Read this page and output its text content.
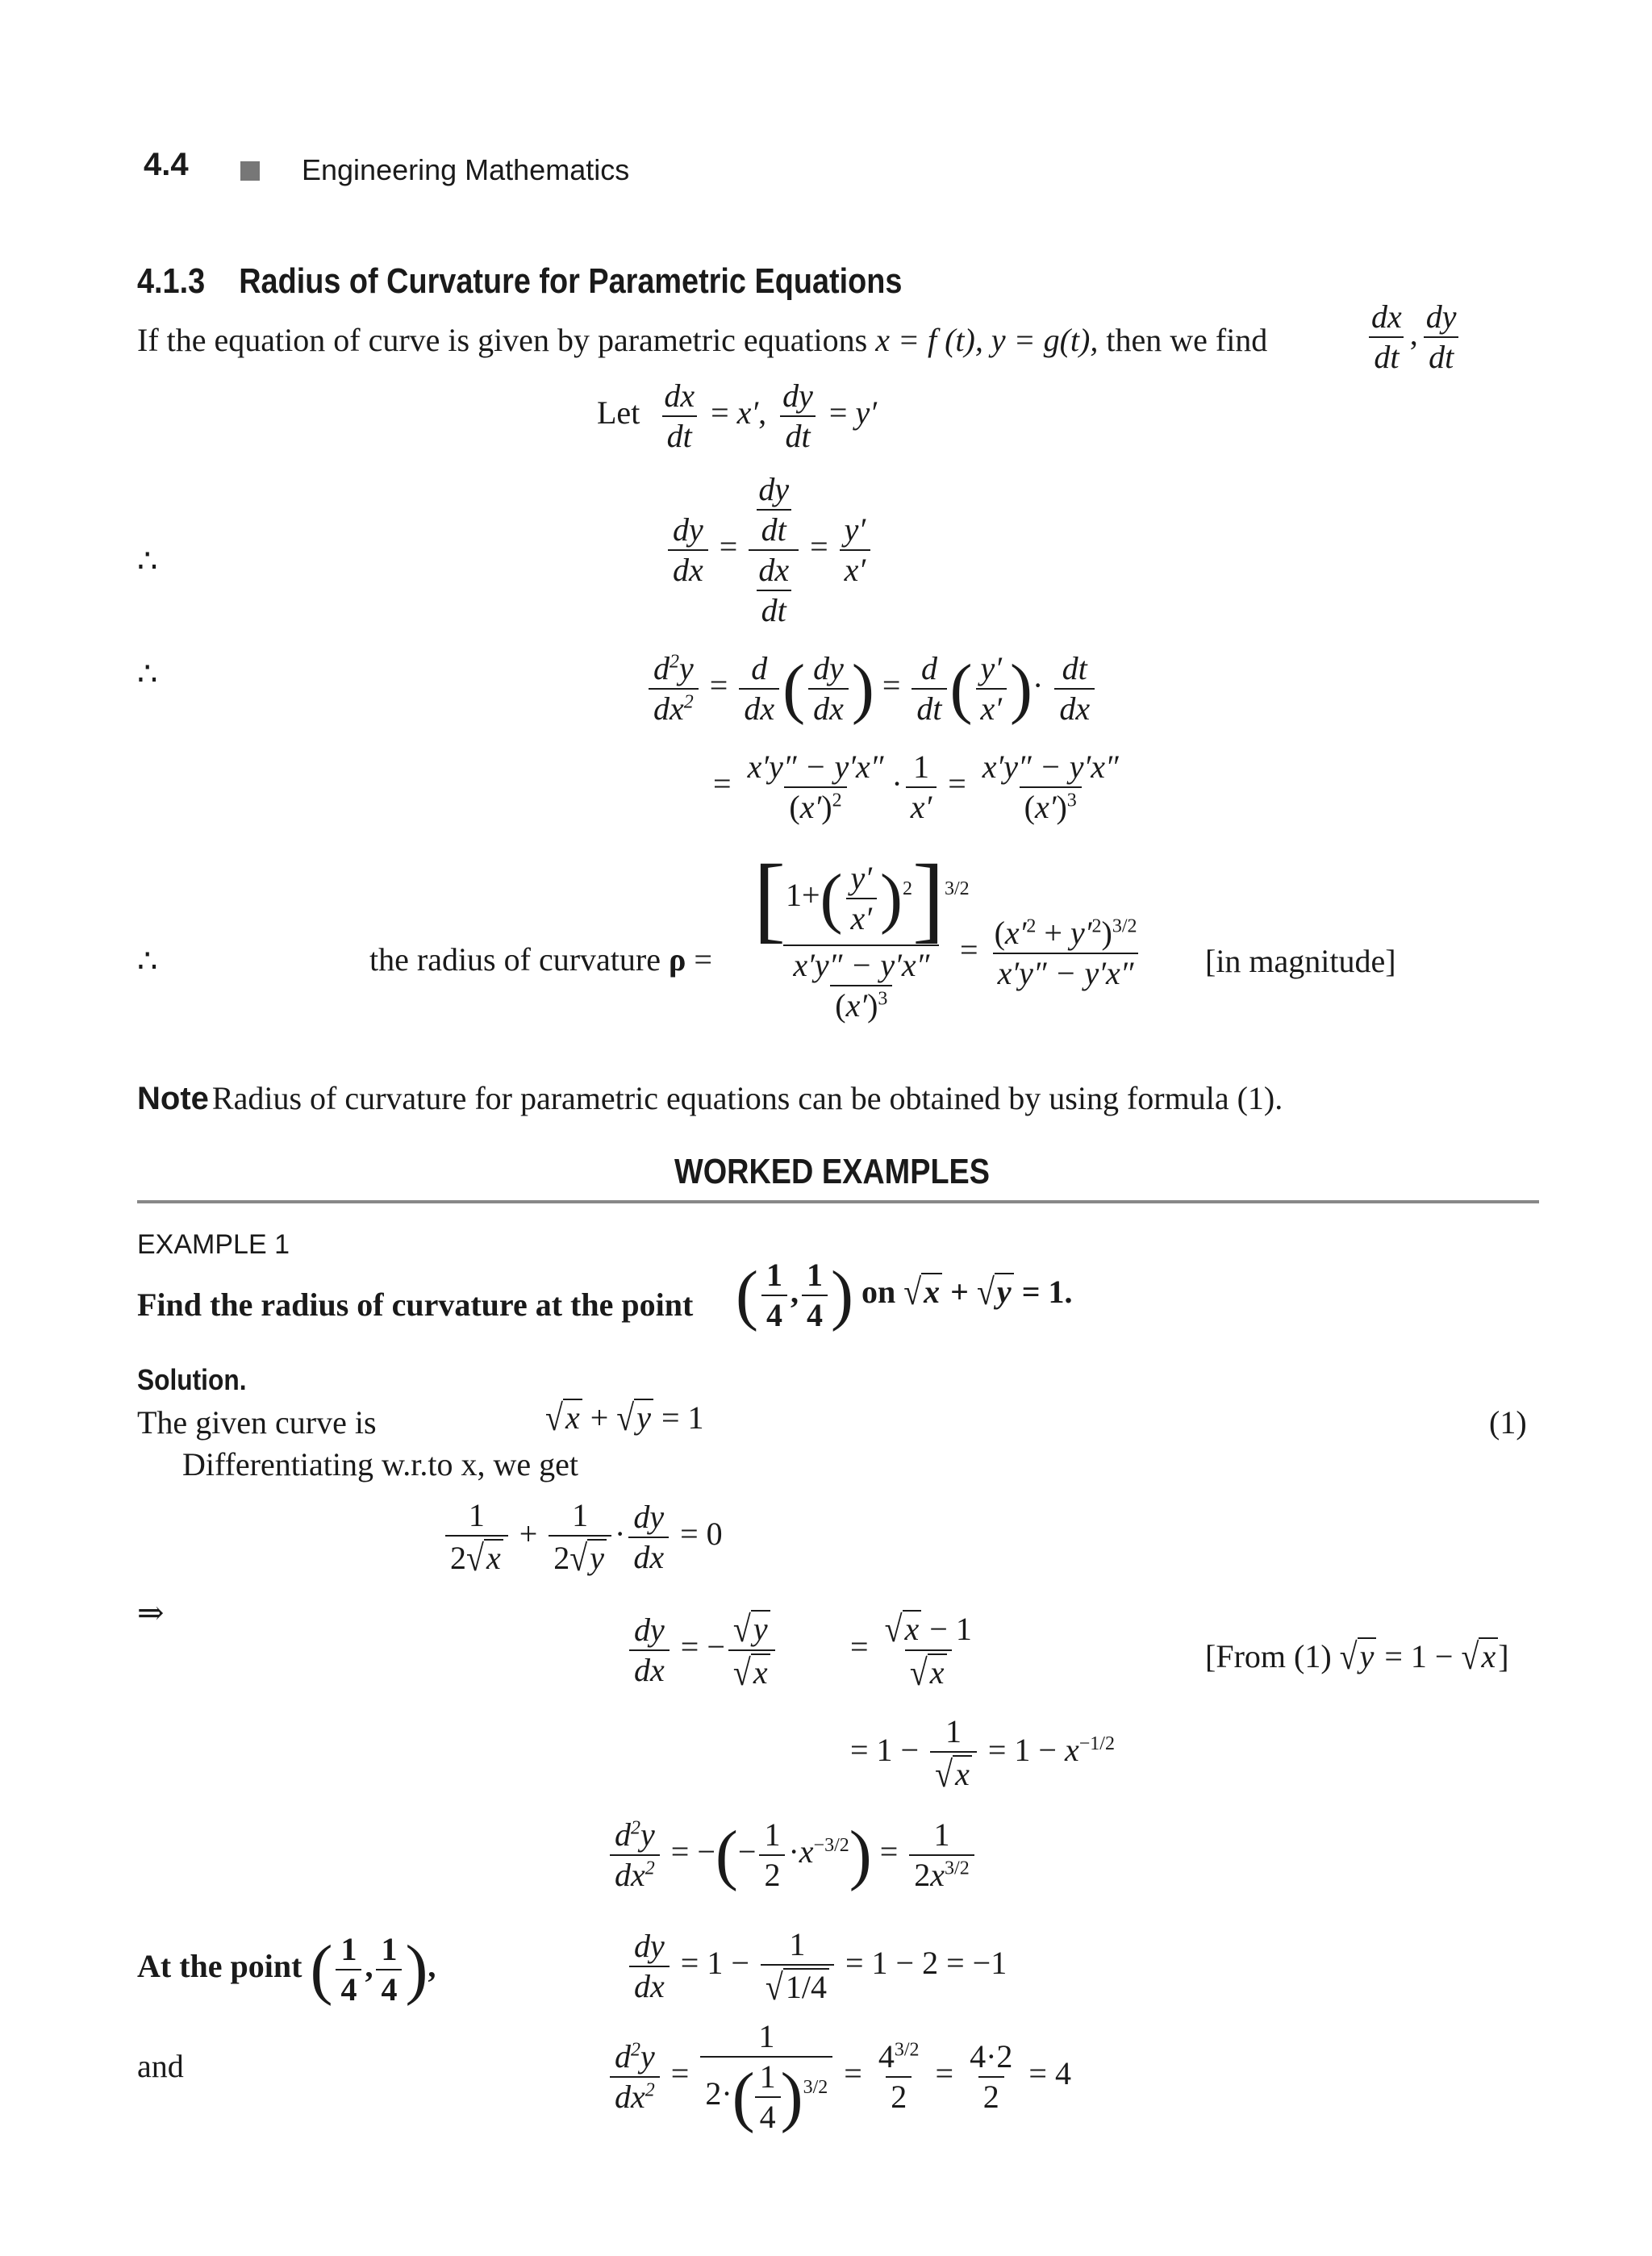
4.4	Engineering Mathematics
4.1.3 Radius of Curvature for Parametric Equations
If the equation of curve is given by parametric equations x = f (t), y = g(t), then we find	$\frac{dx}{dt}$ , $\frac{dy}{dt}$
Let $\frac{dx}{dt} = x'$, $\frac{dy}{dt} = y'$
∴	$\frac{dy}{dx} = \frac{dy}{dt}$
$\frac{dx}{dt}$
= $\frac{y'}{x'}$
∴	$\frac{d^2y}{dx^2} = \frac{d}{dx}$ ( $\frac{dy}{dx}$ ) = $\frac{d}{dt}$ ( $\frac{y'}{x'}$ )· $\frac{dt}{dx}$
= $\frac{x'y'' - y'x''}{(x')^2} \cdot \frac{1}{x'} = \frac{x'y'' - y'x''}{(x')^3}$
∴	the radius of curvature $\rho = \frac{[1+( \frac{y'}{x'} )^2]^{3/2}}{\frac{x'y'' - y'x''}{(x')^3}}$
= $\frac{(x'^2 + y'^2)^{3/2}}{x'y'' - y'x''} [in$ magnitude]
Note Radius of curvature for parametric equations can be obtained by using formula (1).
WORKED EXAMPLES
EXAMPLE 1
Find the radius of curvature at the point ( $\frac{1}{4}$ , $\frac{1}{4}$ ) on √x + √y = 1.
Solution.
The given curve is	√x + √y = 1	(1)
Differentiating w.r.to x, we get
$\frac{1}{2√x} + \frac{1}{2√y} \cdot \frac{dy}{dx} = 0$
⇒
$\frac{dy}{dx}$ = − $\frac{√y}{√x} = \frac{√x - 1}{√x}$	[From (1) √y = 1 − √x]
= $1 - \frac{1}{√x} = 1 - x^{-1/2}$
$\frac{d^2y}{dx^2}$ = −(− $\frac{1}{2} \cdot x^{-3/2}) = \frac{1}{2x^{3/2}}$
At the point ( $\frac{1}{4}$ , $\frac{1}{4}$ ),	$\frac{dy}{dx} = 1 - \frac{1}{√1/4} = 1 - 2 = -1$
and	$\frac{d^2y}{dx^2} = \frac{1}{2\cdot( \frac{1}{4} )^{3/2}} = \frac{4^{3/2}}{2} = \frac{4\cdot 2}{2} = 4$
